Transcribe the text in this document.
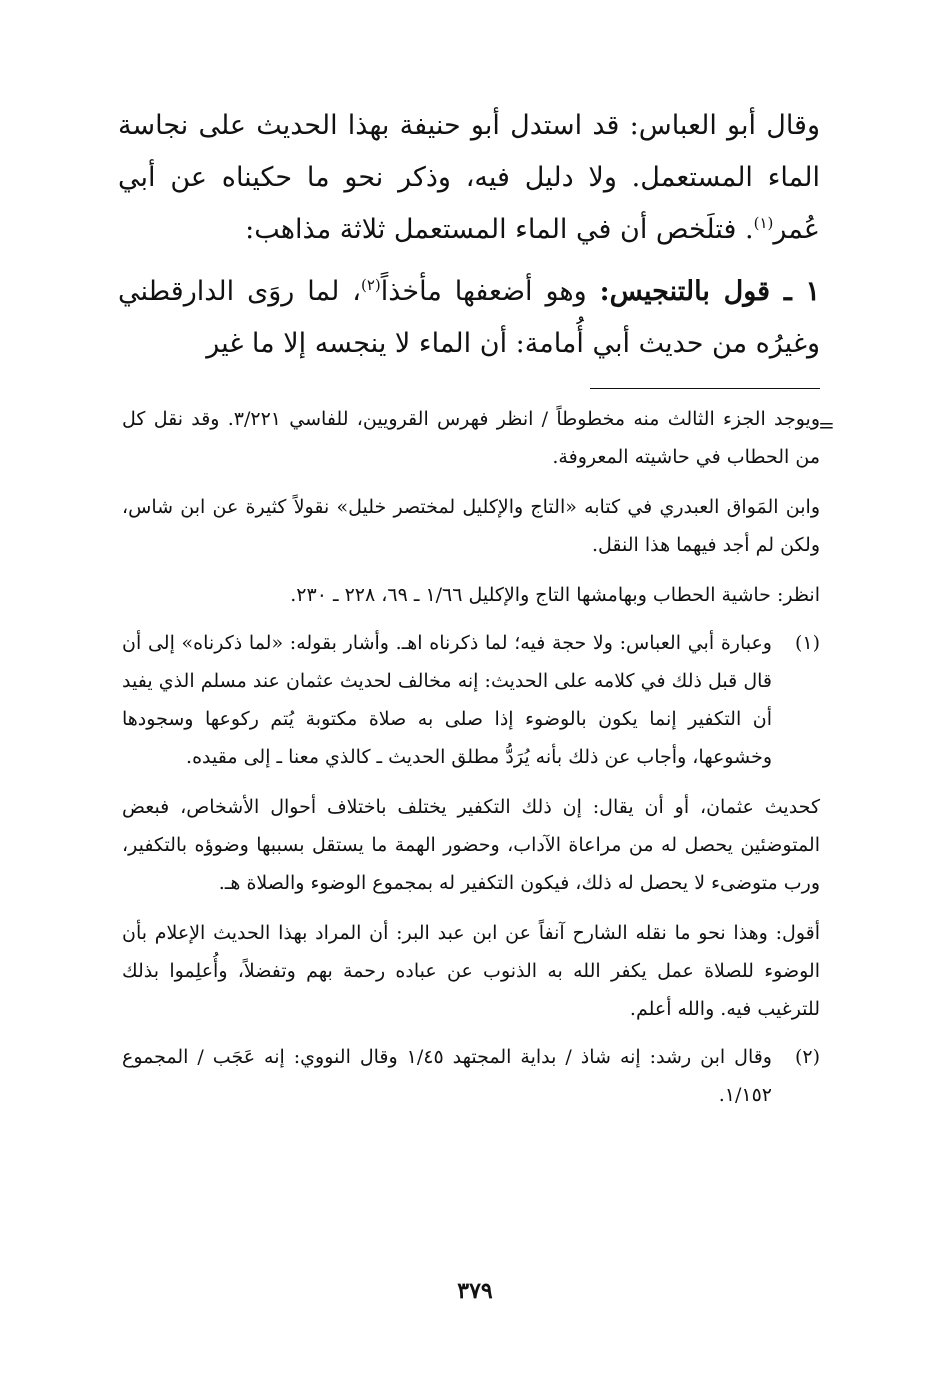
وقال أبو العباس: قد استدل أبو حنيفة بهذا الحديث على نجاسة الماء المستعمل. ولا دليل فيه، وذكر نحو ما حكيناه عن أبي عُمر$^{(١)}$. فتلَخص أن في الماء المستعمل ثلاثة مذاهب:

١ ـ قول بالتنجيس: وهو أضعفها مأخذاً$^{(٢)}$، لما روَى الدارقطني وغيرُه من حديث أبي أُمامة: أن الماء لا ينجسه إلا ما غير

=

ويوجد الجزء الثالث منه مخطوطاً / انظر فهرس القرويين، للفاسي ٣/٢٢١. وقد نقل كل من الحطاب في حاشيته المعروفة.

وابن المَواق العبدري في كتابه «التاج والإكليل لمختصر خليل» نقولاً كثيرة عن ابن شاس، ولكن لم أجد فيهما هذا النقل.

انظر: حاشية الحطاب وبهامشها التاج والإكليل ١/٦٦ ـ ٦٩، ٢٢٨ ـ ٢٣٠.

(١)
وعبارة أبي العباس: ولا حجة فيه؛ لما ذكرناه اهـ. وأشار بقوله: «لما ذكرناه» إلى أن قال قبل ذلك في كلامه على الحديث: إنه مخالف لحديث عثمان عند مسلم الذي يفيد أن التكفير إنما يكون بالوضوء إذا صلى به صلاة مكتوبة يُتم ركوعها وسجودها وخشوعها، وأجاب عن ذلك بأنه يُرَدُّ مطلق الحديث ـ كالذي معنا ـ إلى مقيده.

كحديث عثمان، أو أن يقال: إن ذلك التكفير يختلف باختلاف أحوال الأشخاص، فبعض المتوضئين يحصل له من مراعاة الآداب، وحضور الهمة ما يستقل بسببها وضوؤه بالتكفير، ورب متوضىء لا يحصل له ذلك، فيكون التكفير له بمجموع الوضوء والصلاة هـ.

أقول: وهذا نحو ما نقله الشارح آنفاً عن ابن عبد البر: أن المراد بهذا الحديث الإعلام بأن الوضوء للصلاة عمل يكفر الله به الذنوب عن عباده رحمة بهم وتفضلاً، وأُعلِموا بذلك للترغيب فيه. والله أعلم.

(٢)
وقال ابن رشد: إنه شاذ / بداية المجتهد ١/٤٥ وقال النووي: إنه عَجَب / المجموع ١/١٥٢.
٣٧٩
